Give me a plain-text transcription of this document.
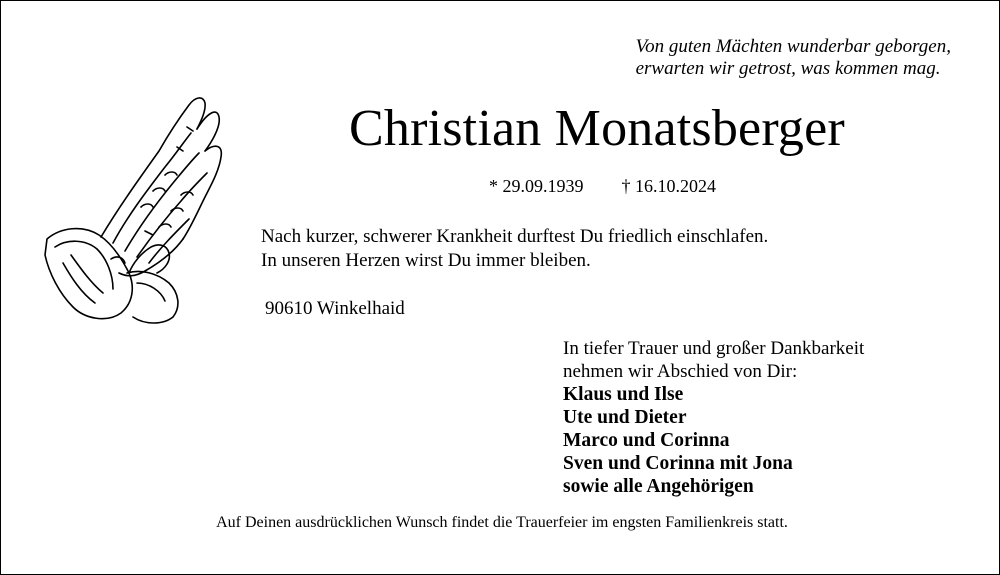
Von guten Mächten wunderbar geborgen,
erwarten wir getrost, was kommen mag.
Christian Monatsberger
* 29.09.1939 † 16.10.2024
Nach kurzer, schwerer Krankheit durftest Du friedlich einschlafen.
In unseren Herzen wirst Du immer bleiben.
90610 Winkelhaid
In tiefer Trauer und großer Dankbarkeit
nehmen wir Abschied von Dir:
Klaus und Ilse
Ute und Dieter
Marco und Corinna
Sven und Corinna mit Jona
sowie alle Angehörigen
Auf Deinen ausdrücklichen Wunsch findet die Trauerfeier im engsten Familienkreis statt.
